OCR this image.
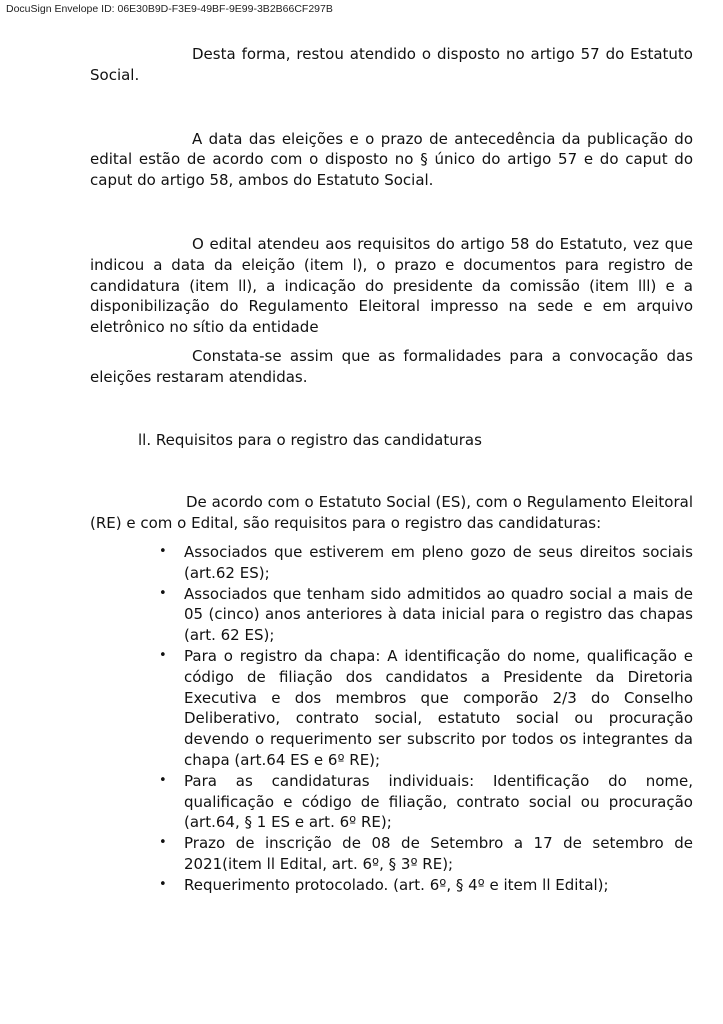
DocuSign Envelope ID: 06E30B9D-F3E9-49BF-9E99-3B2B66CF297B

Desta forma, restou atendido o disposto no artigo 57 do Estatuto Social.

A data das eleições e o prazo de antecedência da publicação do edital estão de acordo com o disposto no § único do artigo 57 e do caput do caput do artigo 58, ambos do Estatuto Social.

O edital atendeu aos requisitos do artigo 58 do Estatuto, vez que indicou a data da eleição (item l), o prazo e documentos para registro de candidatura (item ll), a indicação do presidente da comissão (item lll) e a disponibilização do Regulamento Eleitoral impresso na sede e em arquivo eletrônico no sítio da entidade

Constata-se assim que as formalidades para a convocação das eleições restaram atendidas.

ll. Requisitos para o registro das candidaturas

De acordo com o Estatuto Social (ES), com o Regulamento Eleitoral (RE) e com o Edital, são requisitos para o registro das candidaturas:

• Associados que estiverem em pleno gozo de seus direitos sociais (art.62 ES);
• Associados que tenham sido admitidos ao quadro social a mais de 05 (cinco) anos anteriores à data inicial para o registro das chapas (art. 62 ES);
• Para o registro da chapa: A identificação do nome, qualificação e código de filiação dos candidatos a Presidente da Diretoria Executiva e dos membros que comporão 2/3 do Conselho Deliberativo, contrato social, estatuto social ou procuração devendo o requerimento ser subscrito por todos os integrantes da chapa (art.64 ES e 6º RE);
• Para as candidaturas individuais: Identificação do nome, qualificação e código de filiação, contrato social ou procuração (art.64, § 1 ES e art. 6º RE);
• Prazo de inscrição de 08 de Setembro a 17 de setembro de 2021(item ll Edital, art. 6º, § 3º RE);
• Requerimento protocolado. (art. 6º, § 4º e item ll Edital);
